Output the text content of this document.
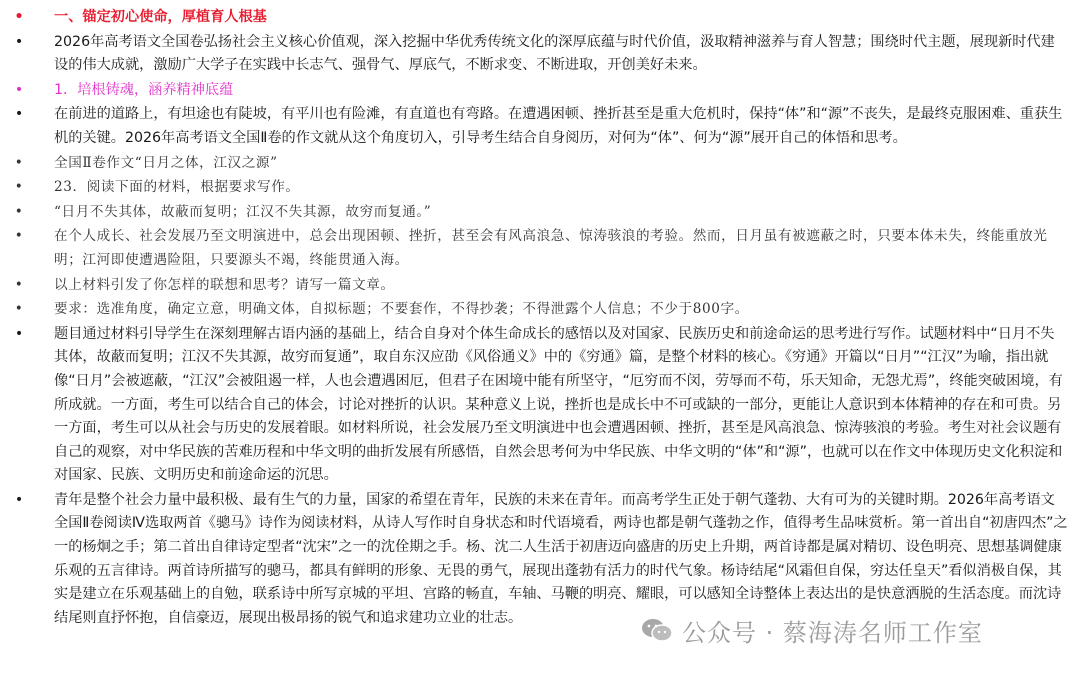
• 一、锚定初心使命，厚植育人根基
• 2026年高考语文全国卷弘扬社会主义核心价值观，深入挖掘中华优秀传统文化的深厚底蕴与时代价值，汲取精神滋养与育人智慧；围绕时代主题，展现新时代建设的伟大成就，激励广大学子在实践中长志气、强骨气、厚底气，不断求变、不断进取，开创美好未来。
• 1．培根铸魂，涵养精神底蕴
• 在前进的道路上，有坦途也有陡坡，有平川也有险滩，有直道也有弯路。在遭遇困顿、挫折甚至是重大危机时，保持“体”和“源”不丧失，是最终克服困难、重获生机的关键。2026年高考语文全国Ⅱ卷的作文就从这个角度切入，引导考生结合自身阅历，对何为“体”、何为“源”展开自己的体悟和思考。
• 全国Ⅱ卷作文“日月之体，江汉之源”
• 23．阅读下面的材料，根据要求写作。
• “日月不失其体，故蔽而复明；江汉不失其源，故穷而复通。”
• 在个人成长、社会发展乃至文明演进中，总会出现困顿、挫折，甚至会有风高浪急、惊涛骇浪的考验。然而，日月虽有被遮蔽之时，只要本体未失，终能重放光明；江河即使遭遇险阻，只要源头不竭，终能贯通入海。
• 以上材料引发了你怎样的联想和思考？请写一篇文章。
• 要求：选准角度，确定立意，明确文体，自拟标题；不要套作，不得抄袭；不得泄露个人信息；不少于800字。
• 题目通过材料引导学生在深刻理解古语内涵的基础上，结合自身对个体生命成长的感悟以及对国家、民族历史和前途命运的思考进行写作。试题材料中“日月不失其体，故蔽而复明；江汉不失其源，故穷而复通”，取自东汉应劭《风俗通义》中的《穷通》篇，是整个材料的核心。《穷通》开篇以“日月”“江汉”为喻，指出就像“日月”会被遮蔽，“江汉”会被阻遏一样，人也会遭遇困厄，但君子在困境中能有所坚守，“厄穷而不闵，劳辱而不苟，乐天知命，无怨尤焉”，终能突破困境，有所成就。一方面，考生可以结合自己的体会，讨论对挫折的认识。某种意义上说，挫折也是成长中不可或缺的一部分，更能让人意识到本体精神的存在和可贵。另一方面，考生可以从社会与历史的发展着眼。如材料所说，社会发展乃至文明演进中也会遭遇困顿、挫折，甚至是风高浪急、惊涛骇浪的考验。考生对社会议题有自己的观察，对中华民族的苦难历程和中华文明的曲折发展有所感悟，自然会思考何为中华民族、中华文明的“体”和“源”，也就可以在作文中体现历史文化积淀和对国家、民族、文明历史和前途命运的沉思。
• 青年是整个社会力量中最积极、最有生气的力量，国家的希望在青年，民族的未来在青年。而高考学生正处于朝气蓬勃、大有可为的关键时期。2026年高考语文全国Ⅱ卷阅读Ⅳ选取两首《骢马》诗作为阅读材料，从诗人写作时自身状态和时代语境看，两诗也都是朝气蓬勃之作，值得考生品味赏析。第一首出自“初唐四杰”之一的杨炯之手；第二首出自律诗定型者“沈宋”之一的沈佺期之手。杨、沈二人生活于初唐迈向盛唐的历史上升期，两首诗都是属对精切、设色明亮、思想基调健康乐观的五言律诗。两首诗所描写的骢马，都具有鲜明的形象、无畏的勇气，展现出蓬勃有活力的时代气象。杨诗结尾“风霜但自保，穷达任皇天”看似消极自保，其实是建立在乐观基础上的自勉，联系诗中所写京城的平坦、宫路的畅直，车轴、马鞭的明亮、耀眼，可以感知全诗整体上表达出的是快意洒脱的生活态度。而沈诗结尾则直抒怀抱，自信豪迈，展现出极昂扬的锐气和追求建功立业的壮志。
公众号 · 蔡海涛名师工作室
